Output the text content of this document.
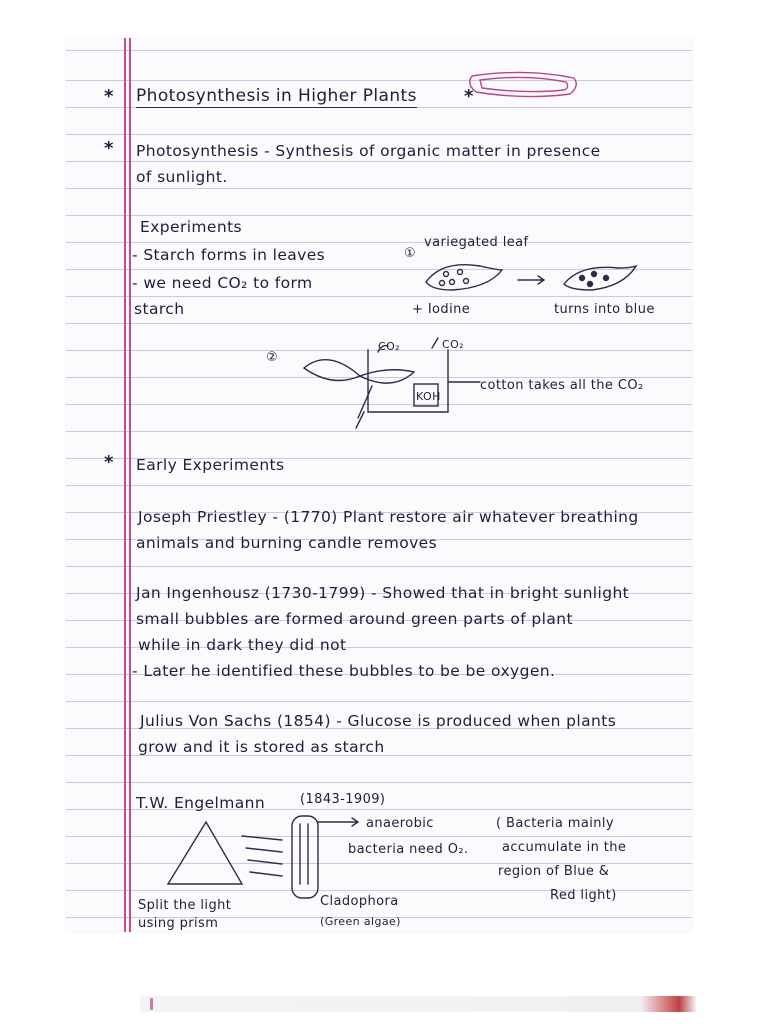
* Photosynthesis in Higher Plants	*
* Photosynthesis - Synthesis of organic matter in presence
of sunlight.
Experiments
- Starch forms in leaves
- we need CO₂ to form
starch
①
variegated leaf
+ Iodine	turns into blue
②
CO₂	CO₂
KOH
cotton takes all the CO₂
* Early Experiments
Joseph Priestley - (1770) Plant restore air whatever breathing
animals and burning candle removes
Jan Ingenhousz (1730-1799) - Showed that in bright sunlight
small bubbles are formed around green parts of plant
while in dark they did not
- Later he identified these bubbles to be be oxygen.
Julius Von Sachs (1854) - Glucose is produced when plants
grow and it is stored as starch
T.W. Engelmann	(1843-1909)
anaerobic
bacteria need O₂.
( Bacteria mainly
accumulate in the
region of Blue &
Red light)
Split the light
using prism
Cladophora
(Green algae)
